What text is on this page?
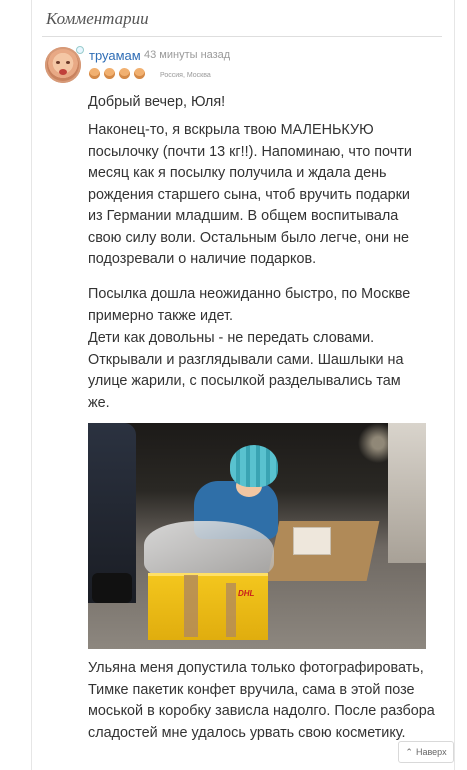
Комментарии
труамам 43 минуты назад
Россия, Москва

Добрый вечер, Юля!

Наконец-то, я вскрыла твою МАЛЕНЬКУЮ посылочку (почти 13 кг!!). Напоминаю, что почти месяц как я посылку получила и ждала день рождения старшего сына, чтоб вручить подарки из Германии младшим. В общем воспитывала свою силу воли. Остальным было легче, они не подозревали о наличие подарков.

Посылка дошла неожиданно быстро, по Москве примерно также идет.

Дети как довольны - не передать словами. Открывали и разглядывали сами. Шашлыки на улице жарили, с посылкой разделывались там же.

DHL

Ульяна меня допустила только фотографировать, Тимке пакетик конфет вручила, сама в этой позе моськой в коробку зависла надолго. После разбора сладостей мне удалось урвать свою косметику.

⌃ Наверх
